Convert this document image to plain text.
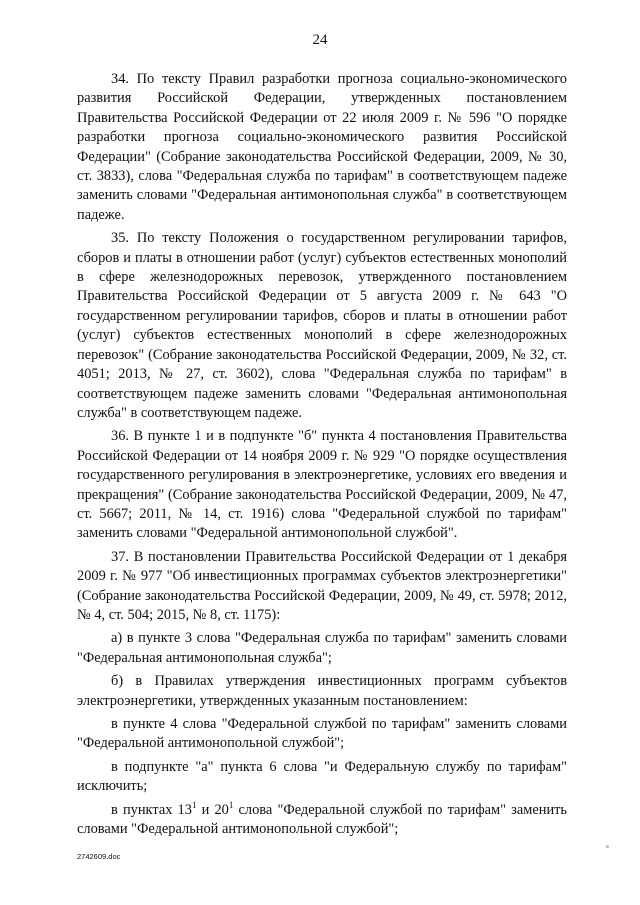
24

34. По тексту Правил разработки прогноза социально-экономического развития Российской Федерации, утвержденных постановлением Правительства Российской Федерации от 22 июля 2009 г. № 596 "О порядке разработки прогноза социально-экономического развития Российской Федерации" (Собрание законодательства Российской Федерации, 2009, № 30, ст. 3833), слова "Федеральная служба по тарифам" в соответствующем падеже заменить словами "Федеральная антимонопольная служба" в соответствующем падеже.

35. По тексту Положения о государственном регулировании тарифов, сборов и платы в отношении работ (услуг) субъектов естественных монополий в сфере железнодорожных перевозок, утвержденного постановлением Правительства Российской Федерации от 5 августа 2009 г. № 643 "О государственном регулировании тарифов, сборов и платы в отношении работ (услуг) субъектов естественных монополий в сфере железнодорожных перевозок" (Собрание законодательства Российской Федерации, 2009, № 32, ст. 4051; 2013, № 27, ст. 3602), слова "Федеральная служба по тарифам" в соответствующем падеже заменить словами "Федеральная антимонопольная служба" в соответствующем падеже.

36. В пункте 1 и в подпункте "б" пункта 4 постановления Правительства Российской Федерации от 14 ноября 2009 г. № 929 "О порядке осуществления государственного регулирования в электроэнергетике, условиях его введения и прекращения" (Собрание законодательства Российской Федерации, 2009, № 47, ст. 5667; 2011, № 14, ст. 1916) слова "Федеральной службой по тарифам" заменить словами "Федеральной антимонопольной службой".

37. В постановлении Правительства Российской Федерации от 1 декабря 2009 г. № 977 "Об инвестиционных программах субъектов электроэнергетики" (Собрание законодательства Российской Федерации, 2009, № 49, ст. 5978; 2012, № 4, ст. 504; 2015, № 8, ст. 1175):

а) в пункте 3 слова "Федеральная служба по тарифам" заменить словами "Федеральная антимонопольная служба";

б) в Правилах утверждения инвестиционных программ субъектов электроэнергетики, утвержденных указанным постановлением:

в пункте 4 слова "Федеральной службой по тарифам" заменить словами "Федеральной антимонопольной службой";

в подпункте "а" пункта 6 слова "и Федеральную службу по тарифам" исключить;

в пунктах $13^1$ и $20^1$ слова "Федеральной службой по тарифам" заменить словами "Федеральной антимонопольной службой";

2742609.doc
